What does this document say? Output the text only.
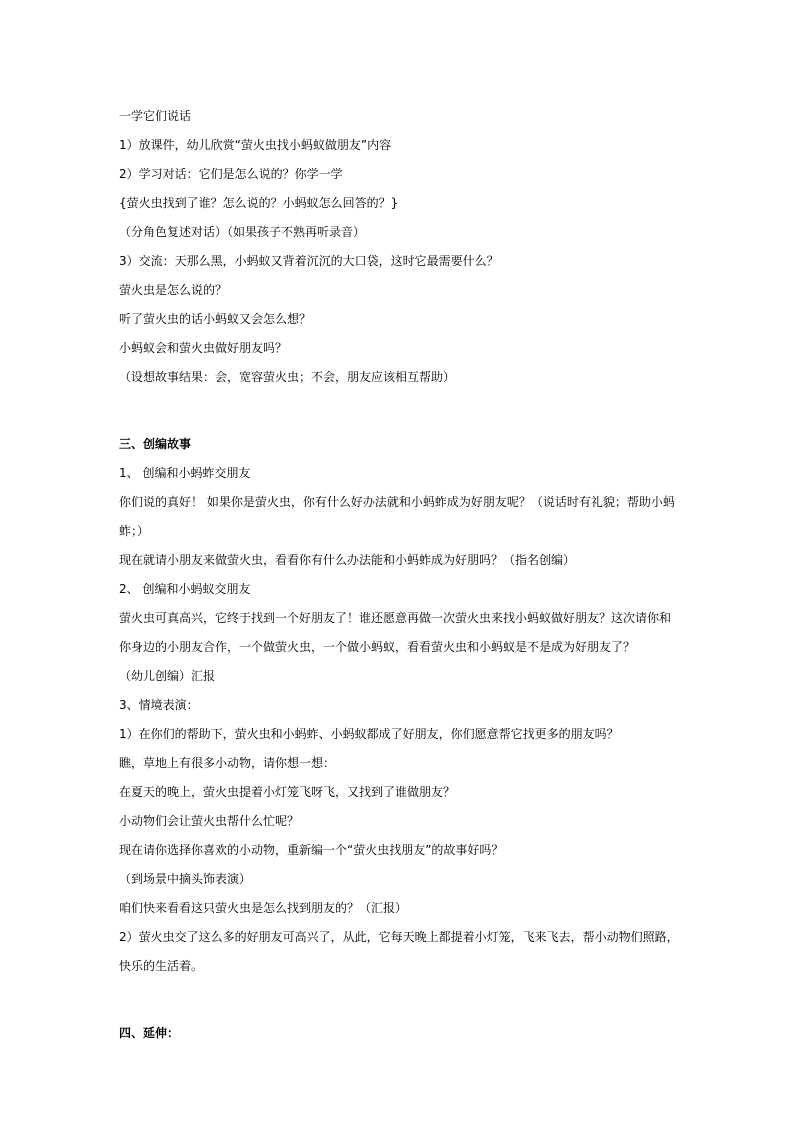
一学它们说话
1）放课件，幼儿欣赏“萤火虫找小蚂蚁做朋友”内容
2）学习对话：它们是怎么说的？你学一学
{萤火虫找到了谁？怎么说的？小蚂蚁怎么回答的？}
（分角色复述对话）（如果孩子不熟再听录音）
3）交流：天那么黑，小蚂蚁又背着沉沉的大口袋，这时它最需要什么？
萤火虫是怎么说的？
听了萤火虫的话小蚂蚁又会怎么想？
小蚂蚁会和萤火虫做好朋友吗？
（设想故事结果：会，宽容萤火虫；不会，朋友应该相互帮助）
三、创编故事
1、 创编和小蚂蚱交朋友
你们说的真好！ 如果你是萤火虫，你有什么好办法就和小蚂蚱成为好朋友呢？（说话时有礼貌；帮助小蚂蚱；）
现在就请小朋友来做萤火虫，看看你有什么办法能和小蚂蚱成为好朋吗？（指名创编）
2、 创编和小蚂蚁交朋友
萤火虫可真高兴，它终于找到一个好朋友了！谁还愿意再做一次萤火虫来找小蚂蚁做好朋友？这次请你和你身边的小朋友合作，一个做萤火虫，一个做小蚂蚁，看看萤火虫和小蚂蚁是不是成为好朋友了？
（幼儿创编）汇报
3、情境表演：
1）在你们的帮助下，萤火虫和小蚂蚱、小蚂蚁都成了好朋友，你们愿意帮它找更多的朋友吗？
瞧，草地上有很多小动物，请你想一想：
在夏天的晚上，萤火虫提着小灯笼飞呀飞，又找到了谁做朋友？
小动物们会让萤火虫帮什么忙呢？
现在请你选择你喜欢的小动物，重新编一个“萤火虫找朋友”的故事好吗？
（到场景中摘头饰表演）
咱们快来看看这只萤火虫是怎么找到朋友的？（汇报）
2）萤火虫交了这么多的好朋友可高兴了，从此，它每天晚上都提着小灯笼，飞来飞去，帮小动物们照路，快乐的生活着。
四、延伸：
